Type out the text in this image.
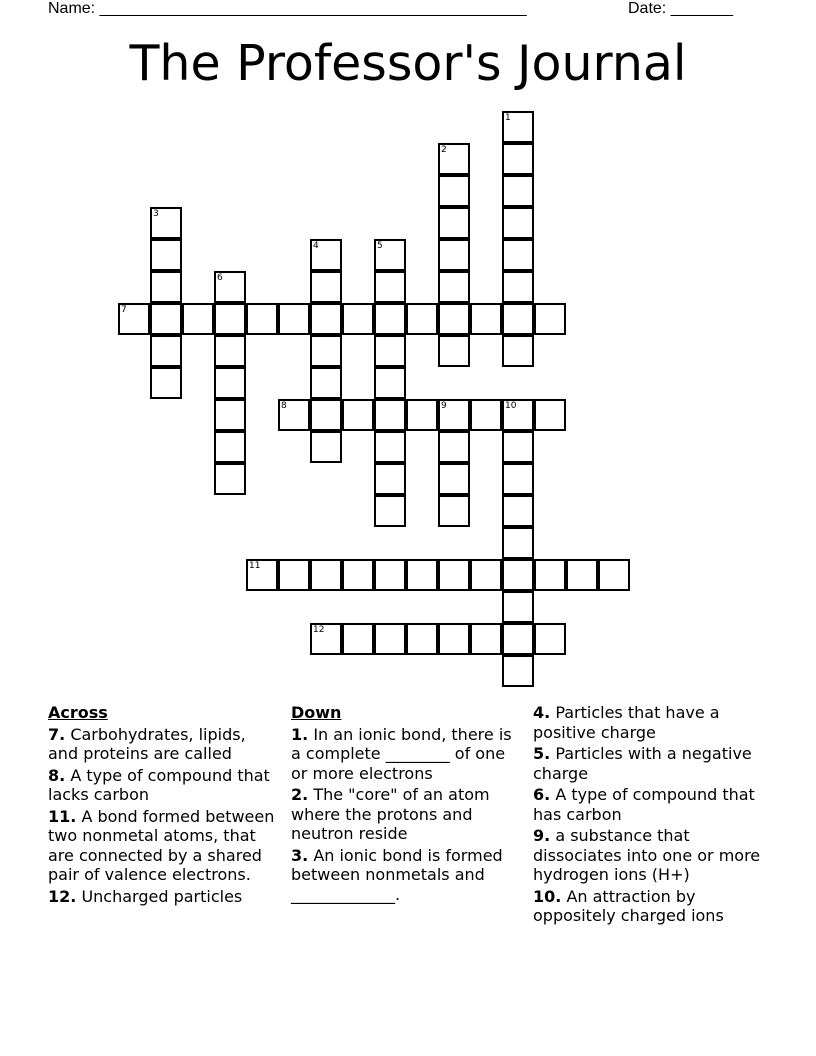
Name: ________________________________________________	Date: _______
The Professor's Journal
1
2
3
4	5
6
7
8	9	10
11
12
Across
7. Carbohydrates, lipids, and proteins are called
8. A type of compound that lacks carbon
11. A bond formed between two nonmetal atoms, that are connected by a shared pair of valence electrons.
12. Uncharged particles
Down
1. In an ionic bond, there is a complete ________ of one or more electrons
2. The "core" of an atom where the protons and neutron reside
3. An ionic bond is formed between nonmetals and _____________.
4. Particles that have a positive charge
5. Particles with a negative charge
6. A type of compound that has carbon
9. a substance that dissociates into one or more hydrogen ions (H+)
10. An attraction by oppositely charged ions
